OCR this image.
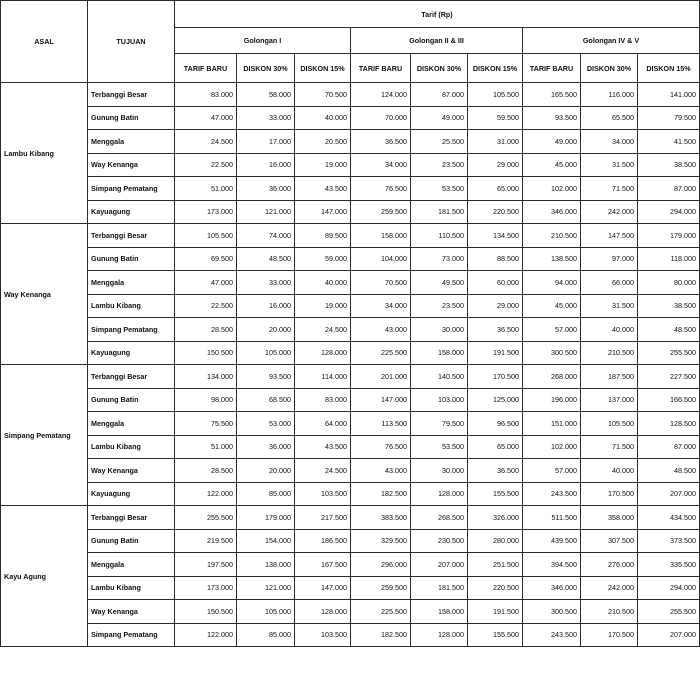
ASAL	TUJUAN	Tarif (Rp)								
		Golongan I			Golongan II & III			Golongan IV & V		
		TARIF BARU	DISKON 30%	DISKON 15%	TARIF BARU	DISKON 30%	DISKON 15%	TARIF BARU	DISKON 30%	DISKON 15%
Lambu Kibang	Terbanggi Besar	83.000	58.000	70.500	124.000	87.000	105.500	165.500	116.000	141.000
	Gunung Batin	47.000	33.000	40.000	70.000	49.000	59.500	93.500	65.500	79.500
	Menggala	24.500	17.000	20.500	36.500	25.500	31.000	49.000	34.000	41.500
	Way Kenanga	22.500	16.000	19.000	34.000	23.500	29.000	45.000	31.500	38.500
	Simpang Pematang	51.000	36.000	43.500	76.500	53.500	65.000	102.000	71.500	87.000
	Kayuagung	173.000	121.000	147.000	259.500	181.500	220.500	346.000	242.000	294.000
Way Kenanga	Terbanggi Besar	105.500	74.000	89.500	158.000	110.500	134.500	210.500	147.500	179.000
	Gunung Batin	69.500	48.500	59.000	104.000	73.000	88.500	138.500	97.000	118.000
	Menggala	47.000	33.000	40.000	70.500	49.500	60.000	94.000	66.000	80.000
	Lambu Kibang	22.500	16.000	19.000	34.000	23.500	29.000	45.000	31.500	38.500
	Simpang Pematang	28.500	20.000	24.500	43.000	30.000	36.500	57.000	40.000	48.500
	Kayuagung	150.500	105.000	128.000	225.500	158.000	191.500	300.500	210.500	255.500
Simpang Pematang	Terbanggi Besar	134.000	93.500	114.000	201.000	140.500	170.500	268.000	187.500	227.500
	Gunung Batin	98.000	68.500	83.000	147.000	103.000	125.000	196.000	137.000	166.500
	Menggala	75.500	53.000	64.000	113.500	79.500	96.500	151.000	105.500	128.500
	Lambu Kibang	51.000	36.000	43.500	76.500	53.500	65.000	102.000	71.500	87.000
	Way Kenanga	28.500	20.000	24.500	43.000	30.000	36.500	57.000	40.000	48.500
	Kayuagung	122.000	85.000	103.500	182.500	128.000	155.500	243.500	170.500	207.000
Kayu Agung	Terbanggi Besar	255.500	179.000	217.500	383.500	268.500	326.000	511.500	358.000	434.500
	Gunung Batin	219.500	154.000	186.500	329.500	230.500	280.000	439.500	307.500	373.500
	Menggala	197.500	138.000	167.500	296.000	207.000	251.500	394.500	276.000	335.500
	Lambu Kibang	173.000	121.000	147.000	259.500	181.500	220.500	346.000	242.000	294.000
	Way Kenanga	150.500	105.000	128.000	225.500	158.000	191.500	300.500	210.500	255.500
	Simpang Pematang	122.000	85.000	103.500	182.500	128.000	155.500	243.500	170.500	207.000
